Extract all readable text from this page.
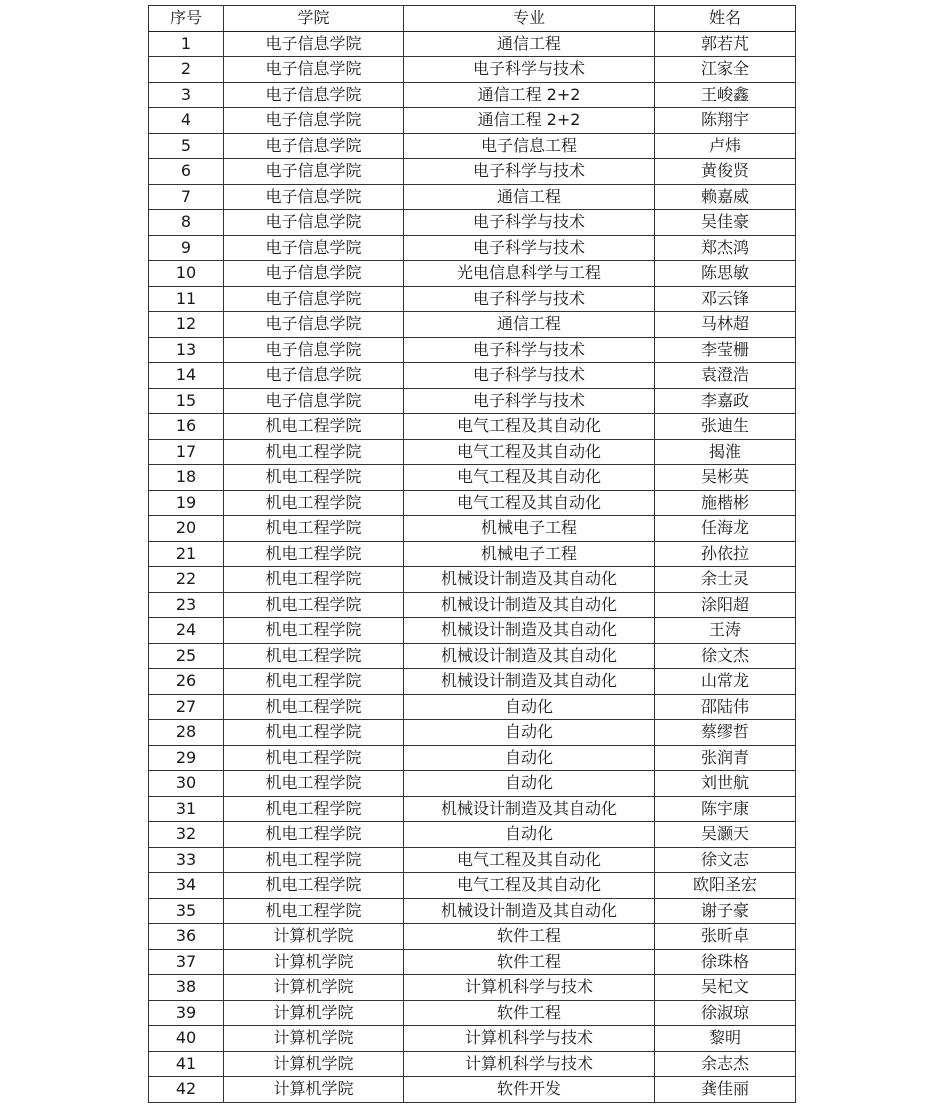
序号	学院	专业	姓名
1	电子信息学院	通信工程	郭若芃
2	电子信息学院	电子科学与技术	江家全
3	电子信息学院	通信工程 2+2	王峻鑫
4	电子信息学院	通信工程 2+2	陈翔宇
5	电子信息学院	电子信息工程	卢炜
6	电子信息学院	电子科学与技术	黄俊贤
7	电子信息学院	通信工程	赖嘉威
8	电子信息学院	电子科学与技术	吴佳豪
9	电子信息学院	电子科学与技术	郑杰鸿
10	电子信息学院	光电信息科学与工程	陈思敏
11	电子信息学院	电子科学与技术	邓云锋
12	电子信息学院	通信工程	马林超
13	电子信息学院	电子科学与技术	李莹栅
14	电子信息学院	电子科学与技术	袁澄浩
15	电子信息学院	电子科学与技术	李嘉政
16	机电工程学院	电气工程及其自动化	张迪生
17	机电工程学院	电气工程及其自动化	揭淮
18	机电工程学院	电气工程及其自动化	吴彬英
19	机电工程学院	电气工程及其自动化	施楷彬
20	机电工程学院	机械电子工程	任海龙
21	机电工程学院	机械电子工程	孙依拉
22	机电工程学院	机械设计制造及其自动化	余士灵
23	机电工程学院	机械设计制造及其自动化	涂阳超
24	机电工程学院	机械设计制造及其自动化	王涛
25	机电工程学院	机械设计制造及其自动化	徐文杰
26	机电工程学院	机械设计制造及其自动化	山常龙
27	机电工程学院	自动化	邵陆伟
28	机电工程学院	自动化	蔡缪哲
29	机电工程学院	自动化	张润青
30	机电工程学院	自动化	刘世航
31	机电工程学院	机械设计制造及其自动化	陈宇康
32	机电工程学院	自动化	吴灏天
33	机电工程学院	电气工程及其自动化	徐文志
34	机电工程学院	电气工程及其自动化	欧阳圣宏
35	机电工程学院	机械设计制造及其自动化	谢子豪
36	计算机学院	软件工程	张昕卓
37	计算机学院	软件工程	徐珠格
38	计算机学院	计算机科学与技术	吴杞文
39	计算机学院	软件工程	徐淑琼
40	计算机学院	计算机科学与技术	黎明
41	计算机学院	计算机科学与技术	余志杰
42	计算机学院	软件开发	龚佳丽
